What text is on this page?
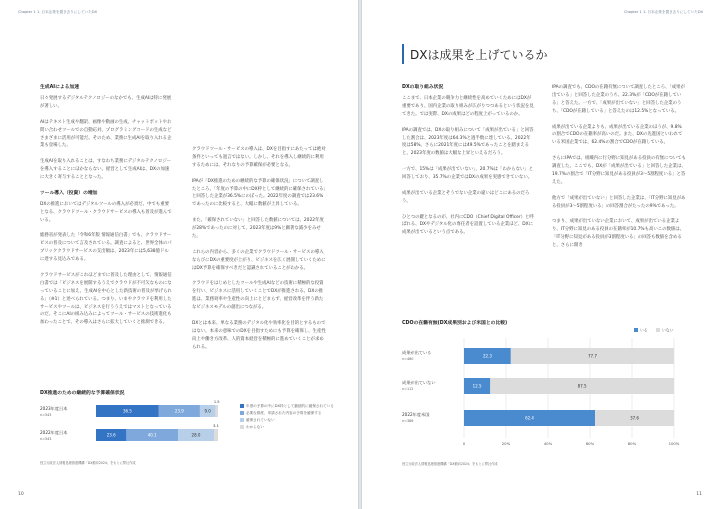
Chapter 1 1. 日本企業を置き去りにしていたDX
生成AIによる加速

日々発展するデジタルテクノロジーのなかでも、生成AIは特に発展が著しい。

AIはテキスト生成や翻訳、画像や動画の生成、チャットボットやお問い合わせツールでの自動応対、プログラミングコードの生成などさまざまに活用が可能だ。そのため、業務に生成AIを取り入れる企業も登場した。

生成AIを取り入れることは、すなわち業務にデジタルテクノロジーを導入することにほかならない。経営として生成AIは、DXの加速に大きく寄与することとなった。

ツール導入（投資）の増加

DXの推進においてはデジタルツールの導入が必須だ。中でも重要となる、クラウドツール・クラウドサービスの導入も普及が進んでいる。

総務省が発表した「令和6年版 情報通信白書」でも、クラウドサービスの普及について言及されている。調査によると、世界全体のパブリッククラウドサービスの支出額は、2023年には5,638億ドルに達する見込みである。

クラウドサービスがこれほどまでに普及した理由として、情報通信白書では「ビジネスを展開するうえでクラウドが不可欠なものになっていることに加え、生成AIを中心とした新技術の普及が挙げられる」（※1）と述べられている。つまり、いまやクラウドを利用したサービスやツールは、ビジネスを行ううえではマストとなっているのだ。そこにAIの組み込みによってツール・サービスの技術進化も加わったことで、その導入はさらに拡大していくと推測できる。

クラウドツール・サービスの導入は、DXを目指すにあたっては絶対条件といっても過言ではない。しかし、それを導入し継続的に利用するためには、それなりの予算確保が必要となる。

IPAが「DX推進のための継続的な予算の確保状況」について調査したところ、「年度の予算の中にDX枠として継続的に確保されている」と回答した企業が36.5%にのぼった。2022年度の調査では23.6%であったのに比較すると、大幅に数値が上昇している。

また、「確保されていない」と回答した数値については、2022年度が28%であったのに対して、2023年度は9%と顕著な減少をみせた。

これらの内容から、多くの企業でクラウドツール・サービスの導入ならびにDXの重要度が上がり、ビジネスを広く展開していくためにはDX予算を確保すべきだと認識されていることがわかる。

クラウドをはじめとしたツールや生成AIなどの技術に積極的な投資を行い、ビジネスに活用していくことでDXが推進される。DXの推進は、業務効率や生産性の向上にとどまらず、経営改革を伴う新たなビジネスモデルの創出につながる。

DXとは本来、単なる業務のデジタル化や効率化を目的とするものではない。本来の意味でのDXを目指すためにも予算を確保し、生産性向上や働き方改革、人的資本経営を積極的に進めていくことが求められる。

DX推進のための継続的な予算確保状況
2023年度日本
n=543
36.5	23.9	9.0
1.5
2022年度日本
n=543
23.6	40.1	28.0
3.1
年度の予算の中にDX枠として継続的に確保されている
必要な都度、申請された内容の予算を確保する
確保されていない
わからない
独立行政法人情報処理推進機構「DX動向2024」をもとに弊社作成
10
Chapter 1 1. 日本企業を置き去りにしていたDX
DXは成果を上げているか
DXの取り組み状況

ここまで、日本企業の競争力と継続性を高めていくためにはDXが重要であり、国内企業の取り組みが広がりつつあるという状況を見てきた。では実際、DXの成果はどの程度上がっているのか。

IPAの調査では、DXの取り組みについて「成果が出ている」と回答した割合は、2023年度は64.3%と過半数に達している。2022年度は58%、さらに2021年度には49.5%であったことを踏まえると、2023年度の数値は大幅な上昇といえるだろう。

一方で、15%は「成果が出ていない」、20.7%は「わからない」と回答しており、35.7%の企業ではDXの成果を実感できていない。

成果が出ている企業とそうでない企業の違いはどこにあるのだろう。

ひとつの鍵となるのが、社内にCDO（Chief Digital Officer）と呼ばれる、DXやデジタル化の専任者を設置している企業ほど、DXに成果が出ているという点である。

IPAの調査でも、CDOの在籍有無について調査したところ、「成果が出ている」と回答した企業のうち、22.3%が「CDOが在籍している」と答えた。一方で、「成果が出ていない」と回答した企業のうち、「CDOが在籍している」と答えたのは12.5%となっている。

成果が出ている企業よりも、成果が出ている企業のほうが、9.8%の割合でCDOの在籍率が高いのだ。また、DXの先進国といわれている米国企業では、62.4%の割合でCDOが在籍している。

さらにIPAでは、組織内に行分野に知見がある役員の有無についても調査した。ここでも、DXが「成果が出ている」と回答した企業は、19.7%の割合で「IT分野に知見がある役員が3～5割程度いる」と答えた。

他方で「成果が出ていない」と回答した企業は、「IT分野に知見がある役員が3～5割程度いる」の回答割合がたったの9%であった。

つまり、成果が出ていない企業において、成果が出ている企業より、IT分野に知見のある役員の在籍率が10.7%も高いこの数値は、「IT分野に知見がある役員が3割程度いる」の回答も数値を含めると、さらに開き

CDOの在籍有無(DX成果別および米国との比較)
0	20%	40%	60%	80%	100%
いる	いない
成果が出ている
n=480
22.3	77.7
成果が出ていない
n=112
12.5	87.5
2022年度米国
n=386
62.4	37.6
独立行政法人情報処理推進機構「DX動向2024」をもとに弊社作成
11
